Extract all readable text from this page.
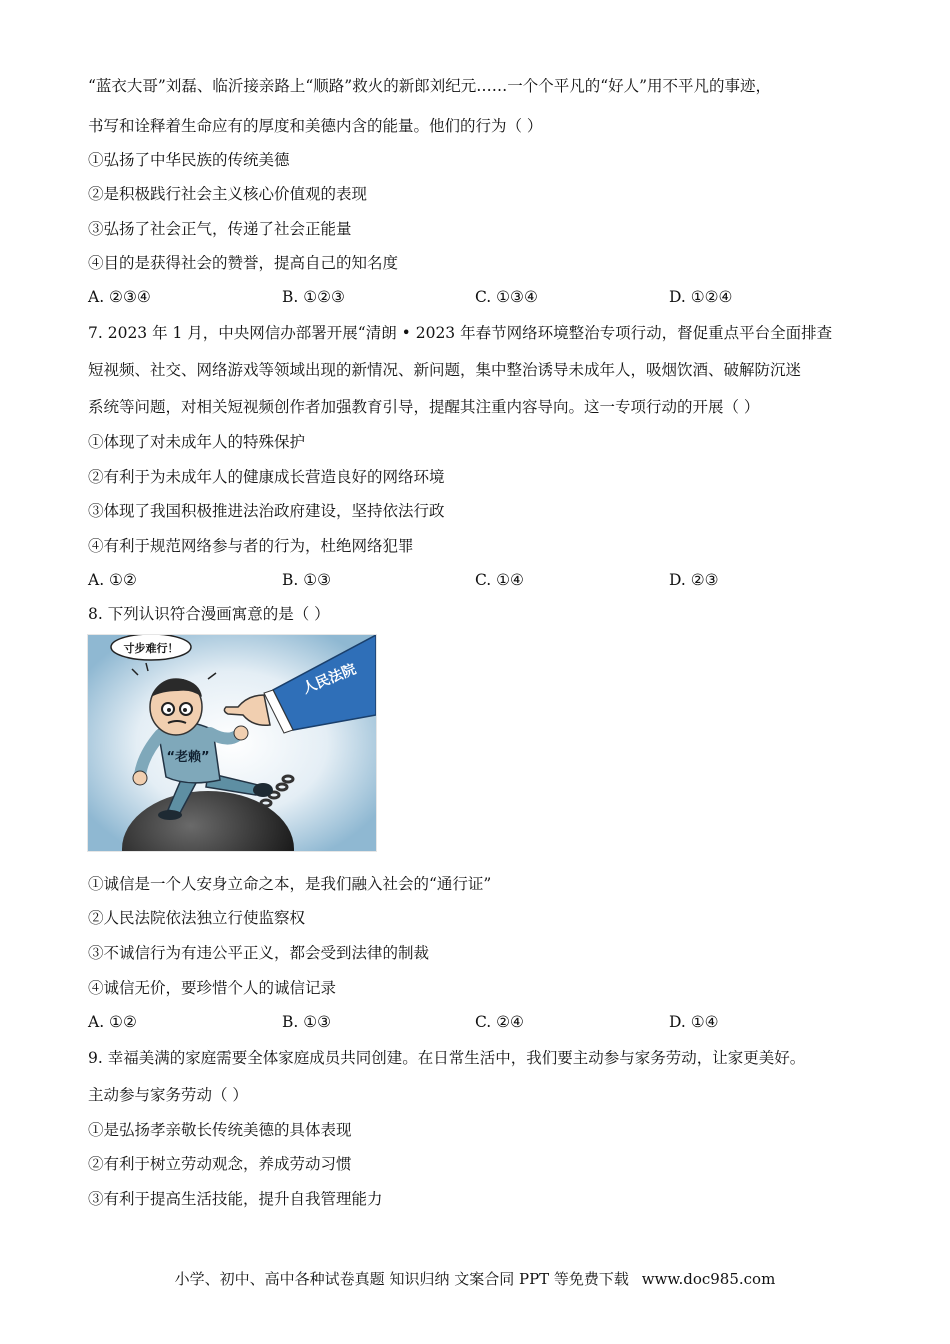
“蓝衣大哥”刘磊、临沂接亲路上“顺路”救火的新郎刘纪元……一个个平凡的“好人”用不平凡的事迹，
书写和诠释着生命应有的厚度和美德内含的能量。他们的行为（ ）
①弘扬了中华民族的传统美德
②是积极践行社会主义核心价值观的表现
③弘扬了社会正气，传递了社会正能量
④目的是获得社会的赞誉，提高自己的知名度
A. ②③④	B. ①②③	C. ①③④	D. ①②④
7. 2023 年 1 月，中央网信办部署开展“清朗 • 2023 年春节网络环境整治专项行动，督促重点平台全面排查
短视频、社交、网络游戏等领域出现的新情况、新问题，集中整治诱导未成年人，吸烟饮酒、破解防沉迷
系统等问题，对相关短视频创作者加强教育引导，提醒其注重内容导向。这一专项行动的开展（ ）
①体现了对未成年人的特殊保护
②有利于为未成年人的健康成长营造良好的网络环境
③体现了我国积极推进法治政府建设，坚持依法行政
④有利于规范网络参与者的行为，杜绝网络犯罪
A. ①②	B. ①③	C. ①④	D. ②③
8. 下列认识符合漫画寓意的是（ ）
“老赖”
寸步难行！
人民法院
①诚信是一个人安身立命之本，是我们融入社会的“通行证”
②人民法院依法独立行使监察权
③不诚信行为有违公平正义，都会受到法律的制裁
④诚信无价，要珍惜个人的诚信记录
A. ①②	B. ①③	C. ②④	D. ①④
9. 幸福美满的家庭需要全体家庭成员共同创建。在日常生活中，我们要主动参与家务劳动，让家更美好。
主动参与家务劳动（ ）
①是弘扬孝亲敬长传统美德的具体表现
②有利于树立劳动观念，养成劳动习惯
③有利于提高生活技能，提升自我管理能力
小学、初中、高中各种试卷真题 知识归纳 文案合同 PPT 等免费下载 www.doc985.com
